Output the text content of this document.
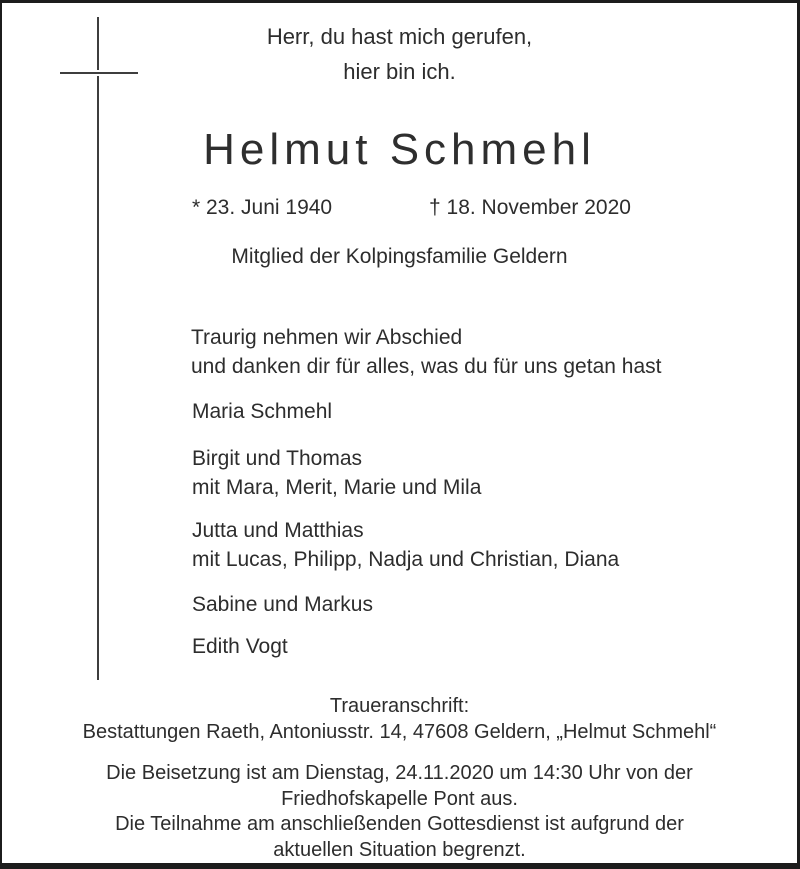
Herr, du hast mich gerufen,
hier bin ich.
Helmut Schmehl
* 23. Juni 1940	† 18. November 2020
Mitglied der Kolpingsfamilie Geldern
Traurig nehmen wir Abschied
und danken dir für alles, was du für uns getan hast
Maria Schmehl
Birgit und Thomas
mit Mara, Merit, Marie und Mila
Jutta und Matthias
mit Lucas, Philipp, Nadja und Christian, Diana
Sabine und Markus
Edith Vogt
Traueranschrift:
Bestattungen Raeth, Antoniusstr. 14, 47608 Geldern, „Helmut Schmehl“
Die Beisetzung ist am Dienstag, 24.11.2020 um 14:30 Uhr von der
Friedhofskapelle Pont aus.
Die Teilnahme am anschließenden Gottesdienst ist aufgrund der
aktuellen Situation begrenzt.
